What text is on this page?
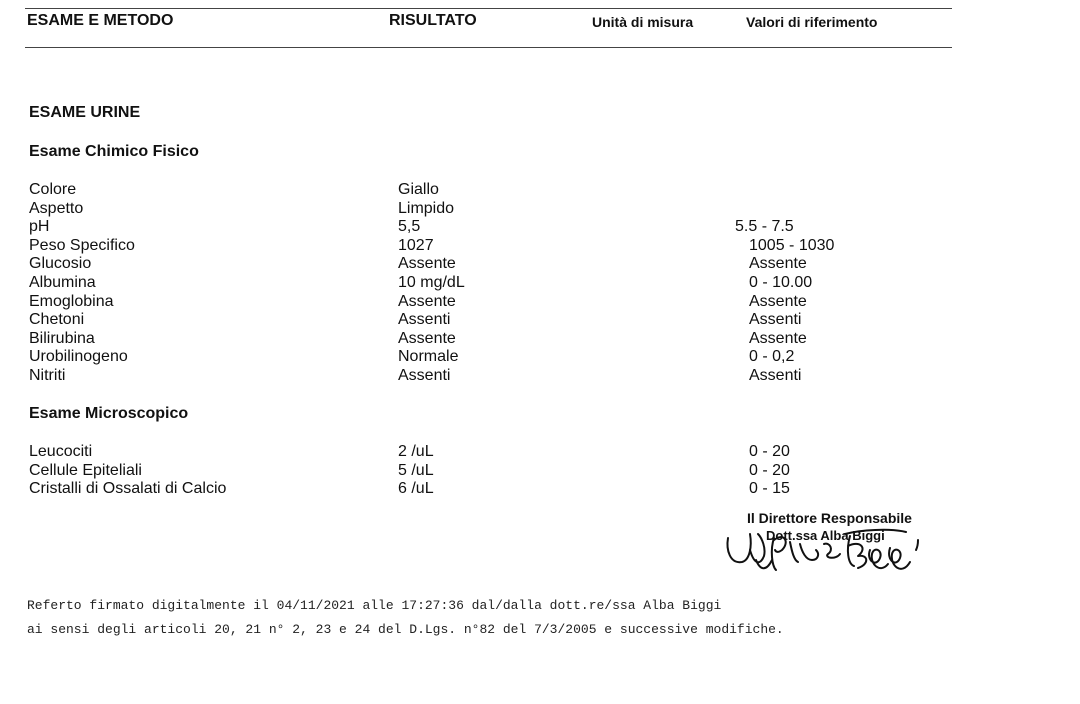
ESAME E METODO	RISULTATO	Unità di misura	Valori di riferimento
ESAME URINE
Esame Chimico Fisico
Colore	Giallo
Aspetto	Limpido
pH	5,5	5.5 - 7.5
Peso Specifico	1027	1005 - 1030
Glucosio	Assente	Assente
Albumina	10 mg/dL	0 - 10.00
Emoglobina	Assente	Assente
Chetoni	Assenti	Assenti
Bilirubina	Assente	Assente
Urobilinogeno	Normale	0 - 0,2
Nitriti	Assenti	Assenti
Esame Microscopico
Leucociti	2 /uL	0 - 20
Cellule Epiteliali	5 /uL	0 - 20
Cristalli di Ossalati di Calcio	6 /uL	0 - 15
Il Direttore Responsabile
Dott.ssa Alba Biggi
Referto firmato digitalmente il 04/11/2021 alle 17:27:36 dal/dalla dott.re/ssa Alba Biggi
ai sensi degli articoli 20, 21 n° 2, 23 e 24 del D.Lgs. n°82 del 7/3/2005 e successive modifiche.
